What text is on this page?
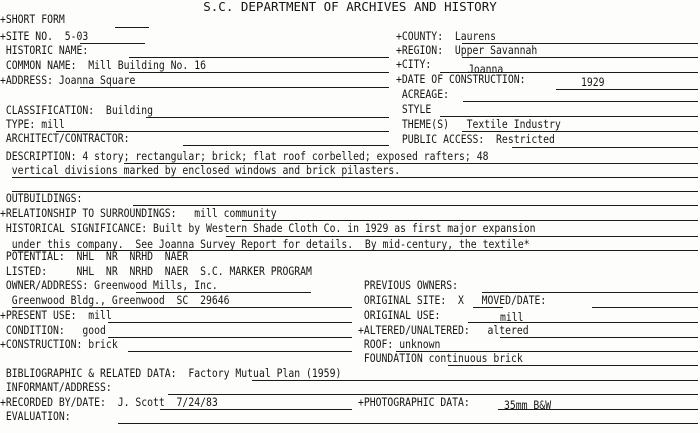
S.C. DEPARTMENT OF ARCHIVES AND HISTORY
+SHORT FORM
+SITE NO.  5-03
HISTORIC NAME:
COMMON NAME:  Mill Building No. 16
+ADDRESS: Joanna Square
CLASSIFICATION:  Building
TYPE: mill
ARCHITECT/CONTRACTOR:
DESCRIPTION: 4 story; rectangular; brick; flat roof corbelled; exposed rafters; 48
vertical divisions marked by enclosed windows and brick pilasters.
OUTBUILDINGS:
+RELATIONSHIP TO SURROUNDINGS:   mill community
HISTORICAL SIGNIFICANCE: Built by Western Shade Cloth Co. in 1929 as first major expansion
under this company.  See Joanna Survey Report for details.  By mid-century, the textile*
POTENTIAL:  NHL  NR  NRHD  NAER
LISTED:     NHL  NR  NRHD  NAER  S.C. MARKER PROGRAM
OWNER/ADDRESS: Greenwood Mills, Inc.
Greenwood Bldg., Greenwood  SC  29646
+PRESENT USE:  mill
CONDITION:   good
+CONSTRUCTION: brick
BIBLIOGRAPHIC & RELATED DATA:  Factory Mutual Plan (1959)
INFORMANT/ADDRESS:
+RECORDED BY/DATE:  J. Scott  7/24/83
EVALUATION:
+COUNTY:  Laurens
+REGION:  Upper Savannah
+CITY:	Joanna
+DATE OF CONSTRUCTION:	1929
ACREAGE:
STYLE
THEME(S)   Textile Industry
PUBLIC ACCESS:  Restricted
PREVIOUS OWNERS:
ORIGINAL SITE:  X   MOVED/DATE:
ORIGINAL USE:	mill
+ALTERED/UNALTERED:   altered
ROOF: unknown
FOUNDATION continuous brick
+PHOTOGRAPHIC DATA:	35mm B&W
